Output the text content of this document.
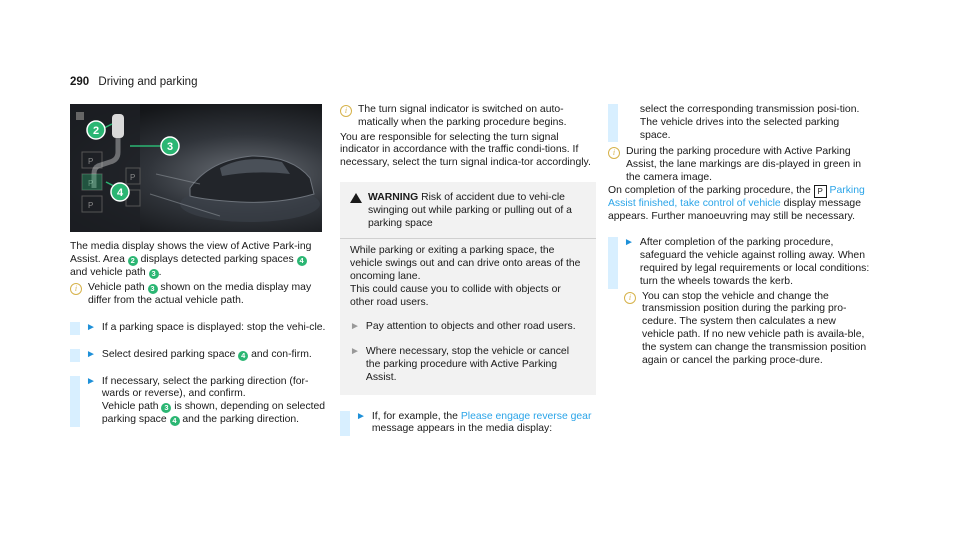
290 Driving and parking
P
P
P
P
2
3
4

The media display shows the view of Active Park-ing Assist. Area 2 displays detected parking spaces 4 and vehicle path 3 .

i	Vehicle path 3 shown on the media display may differ from the actual vehicle path.

► If a parking space is displayed: stop the vehi-cle.

► Select desired parking space 4 and con-firm.

► If necessary, select the parking direction (for-wards or reverse), and confirm.

Vehicle path 3 is shown, depending on selected parking space 4 and the parking direction.

i	The turn signal indicator is switched on auto-matically when the parking procedure begins.

You are responsible for selecting the turn signal indicator in accordance with the traffic condi-tions. If necessary, select the turn signal indica-tor accordingly.

WARNING Risk of accident due to vehi-cle swinging out while parking or pulling out of a parking space

While parking or exiting a parking space, the vehicle swings out and can drive onto areas of the oncoming lane.

This could cause you to collide with objects or other road users.

► Pay attention to objects and other road users.

► Where necessary, stop the vehicle or cancel the parking procedure with Active Parking Assist.

► If, for example, the Please engage reverse gear message appears in the media display:

select the corresponding transmission posi-tion.

The vehicle drives into the selected parking space.

i	During the parking procedure with Active Parking Assist, the lane markings are dis-played in green in the camera image.

On completion of the parking procedure, the P Parking Assist finished, take control of vehicle display message appears. Further manoeuvring may still be necessary.

► After completion of the parking procedure, safeguard the vehicle against rolling away. When required by legal requirements or local conditions: turn the wheels towards the kerb.

i	You can stop the vehicle and change the transmission position during the parking pro-cedure. The system then calculates a new vehicle path. If no new vehicle path is availa-ble, the system can change the transmission position again or cancel the parking proce-dure.
